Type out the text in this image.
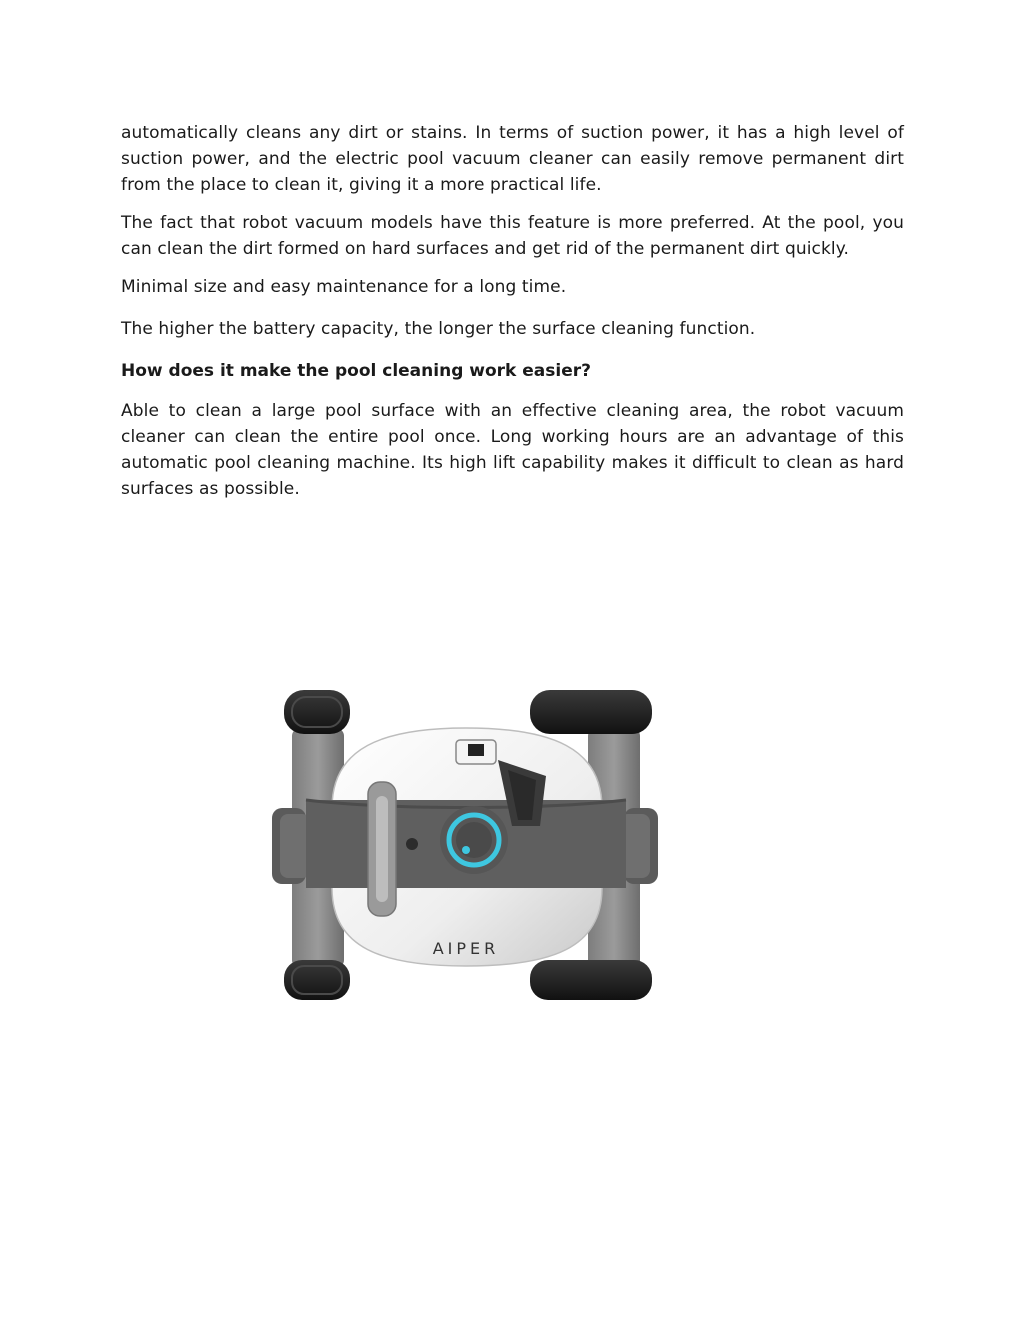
automatically cleans any dirt or stains. In terms of suction power, it has a high level of suction power, and the electric pool vacuum cleaner can easily remove permanent dirt from the place to clean it, giving it a more practical life.

The fact that robot vacuum models have this feature is more preferred. At the pool, you can clean the dirt formed on hard surfaces and get rid of the permanent dirt quickly.

Minimal size and easy maintenance for a long time.

The higher the battery capacity, the longer the surface cleaning function.

How does it make the pool cleaning work easier?

Able to clean a large pool surface with an effective cleaning area, the robot vacuum cleaner can clean the entire pool once. Long working hours are an advantage of this automatic pool cleaning machine. Its high lift capability makes it difficult to clean as hard surfaces as possible.

AIPER
